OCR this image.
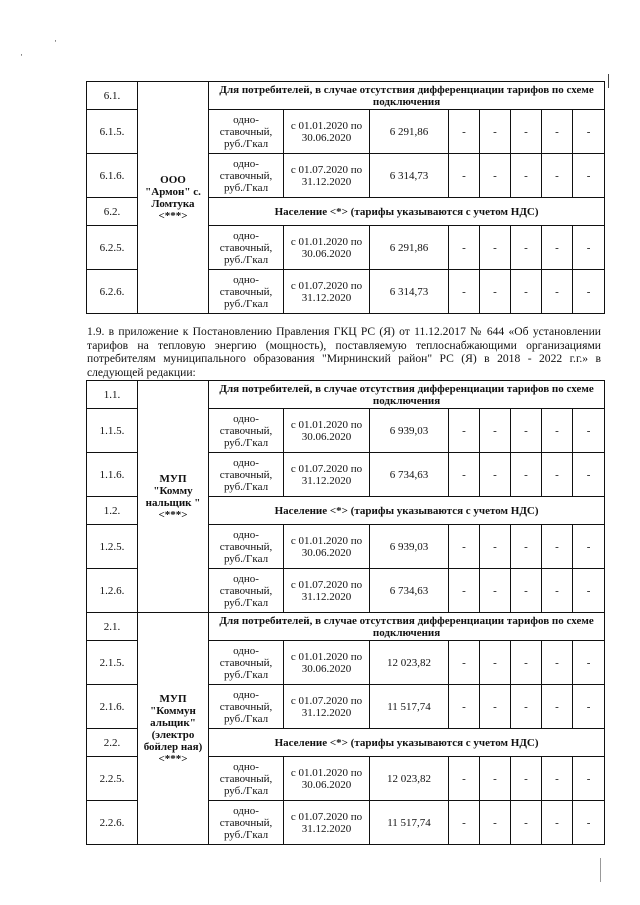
·
·
6.1.	ООО "Армон" с. Ломтука <***>	Для потребителей, в случае отсутствия дифференциации тарифов по схеме подключения							
6.1.5.		одно-ставочный, руб./Гкал	с 01.01.2020 по 30.06.2020	6 291,86	-	-	-	-	-
6.1.6.		одно-ставочный, руб./Гкал	с 01.07.2020 по 31.12.2020	6 314,73	-	-	-	-	-
6.2.		Население <*> (тарифы указываются с учетом НДС)							
6.2.5.		одно-ставочный, руб./Гкал	с 01.01.2020 по 30.06.2020	6 291,86	-	-	-	-	-
6.2.6.		одно-ставочный, руб./Гкал	с 01.07.2020 по 31.12.2020	6 314,73	-	-	-	-	-

1.9. в приложение к Постановлению Правления ГКЦ РС (Я) от 11.12.2017 № 644 «Об установлении тарифов на тепловую энергию (мощность), поставляемую теплоснабжающими организациями потребителям муниципального образования "Мирнинский район" РС (Я) в 2018 - 2022 г.г.» в следующей редакции:

1.1.	МУП "Комму нальщик " <***>	Для потребителей, в случае отсутствия дифференциации тарифов по схеме подключения							
1.1.5.		одно-ставочный, руб./Гкал	с 01.01.2020 по 30.06.2020	6 939,03	-	-	-	-	-
1.1.6.		одно-ставочный, руб./Гкал	с 01.07.2020 по 31.12.2020	6 734,63	-	-	-	-	-
1.2.		Население <*> (тарифы указываются с учетом НДС)							
1.2.5.		одно-ставочный, руб./Гкал	с 01.01.2020 по 30.06.2020	6 939,03	-	-	-	-	-
1.2.6.		одно-ставочный, руб./Гкал	с 01.07.2020 по 31.12.2020	6 734,63	-	-	-	-	-
2.1.	МУП "Коммун альщик" (электро бойлер ная) <***>	Для потребителей, в случае отсутствия дифференциации тарифов по схеме подключения							
2.1.5.		одно-ставочный, руб./Гкал	с 01.01.2020 по 30.06.2020	12 023,82	-	-	-	-	-
2.1.6.		одно-ставочный, руб./Гкал	с 01.07.2020 по 31.12.2020	11 517,74	-	-	-	-	-
2.2.		Население <*> (тарифы указываются с учетом НДС)							
2.2.5.		одно-ставочный, руб./Гкал	с 01.01.2020 по 30.06.2020	12 023,82	-	-	-	-	-
2.2.6.		одно-ставочный, руб./Гкал	с 01.07.2020 по 31.12.2020	11 517,74	-	-	-	-	-
